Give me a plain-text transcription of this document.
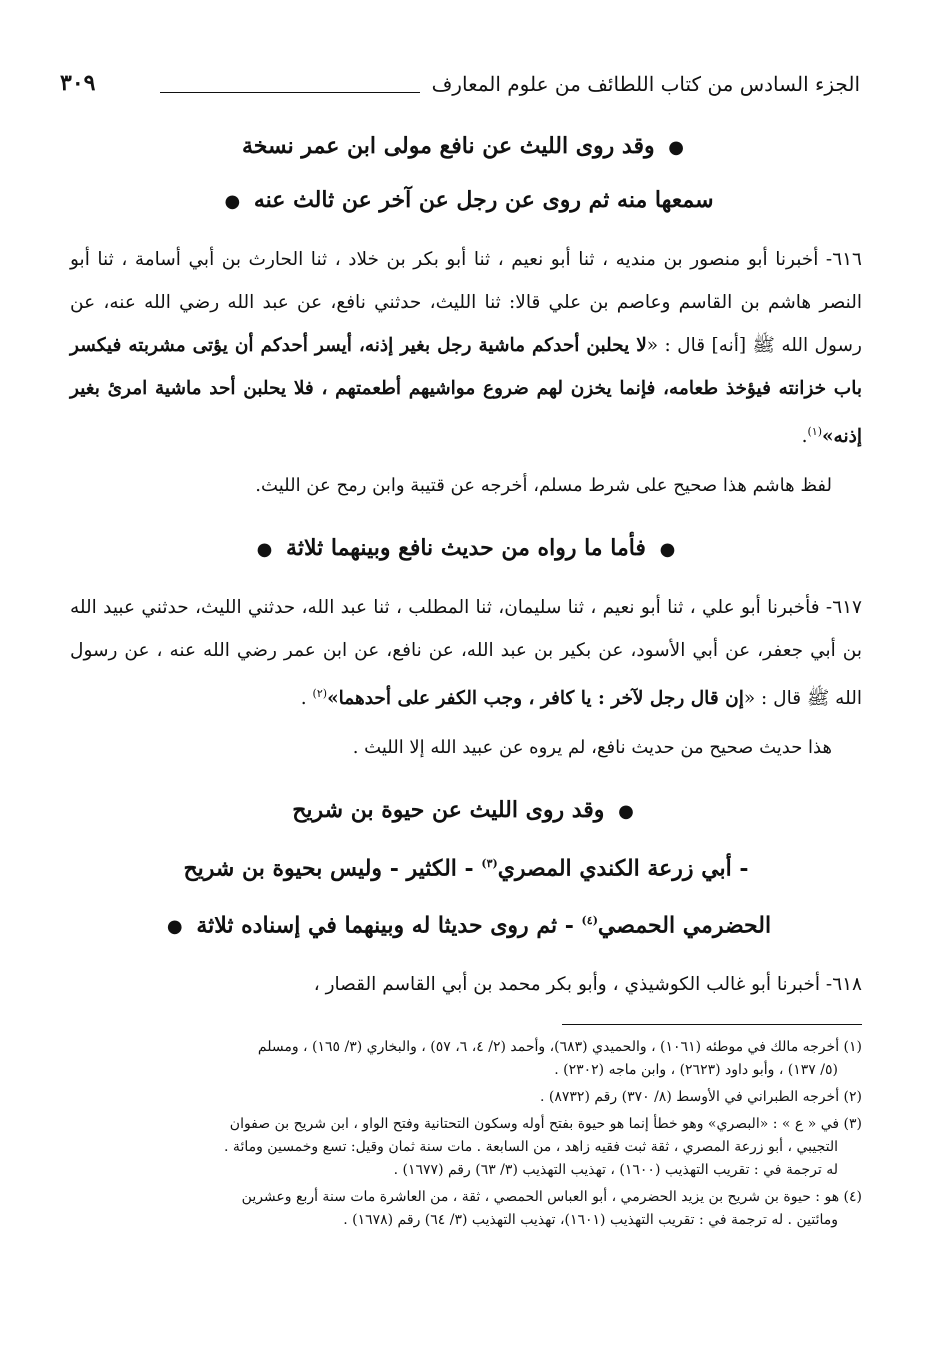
٣٠٩	الجزء السادس من كتاب اللطائف من علوم المعارف

● وقد روى الليث عن نافع مولى ابن عمر نسخة

سمعها منه ثم روى عن رجل عن آخر عن ثالث عنه ●

٦١٦- أخبرنا أبو منصور بن منديه ، ثنا أبو نعيم ، ثنا أبو بكر بن خلاد ، ثنا الحارث بن أبي أسامة ، ثنا أبو النصر هاشم بن القاسم وعاصم بن علي قالا: ثنا الليث، حدثني نافع، عن عبد الله رضي الله عنه، عن رسول الله ﷺ [أنه] قال : «لا يحلبن أحدكم ماشية رجل بغير إذنه، أيسر أحدكم أن يؤتى مشربته فيكسر باب خزانته فيؤخذ طعامه، فإنما يخزن لهم ضروع مواشيهم أطعمتهم ، فلا يحلبن أحد ماشية امرئ بغير إذنه»$^{(١)}$.

لفظ هاشم هذا صحيح على شرط مسلم، أخرجه عن قتيبة وابن رمح عن الليث.

● فأما ما رواه من حديث نافع وبينهما ثلاثة ●

٦١٧- فأخبرنا أبو علي ، ثنا أبو نعيم ، ثنا سليمان، ثنا المطلب ، ثنا عبد الله، حدثني الليث، حدثني عبيد الله بن أبي جعفر، عن أبي الأسود، عن بكير بن عبد الله، عن نافع، عن ابن عمر رضي الله عنه ، عن رسول الله ﷺ قال : «إن قال رجل لآخر : يا كافر ، وجب الكفر على أحدهما»$^{(٢)}$ .

هذا حديث صحيح من حديث نافع، لم يروه عن عبيد الله إلا الليث .

● وقد روى الليث عن حيوة بن شريح

- أبي زرعة الكندي المصري$^{(٣)}$ - الكثير - وليس بحيوة بن شريح

الحضرمي الحمصي$^{(٤)}$ - ثم روى حديثا له وبينهما في إسناده ثلاثة ●

٦١٨- أخبرنا أبو غالب الكوشيذي ، وأبو بكر محمد بن أبي القاسم القصار ،

(١) أخرجه مالك في موطئه (١٠٦١) ، والحميدي (٦٨٣)، وأحمد (٢/ ٤، ٦، ٥٧) ، والبخاري (٣/ ١٦٥) ، ومسلم
(٥/ ١٣٧) ، وأبو داود (٢٦٢٣) ، وابن ماجه (٢٣٠٢) .
(٢) أخرجه الطبراني في الأوسط (٨/ ٣٧٠) رقم (٨٧٣٢) .
(٣) في « ع » : «البصري» وهو خطأ إنما هو حيوة بفتح أوله وسكون التحتانية وفتح الواو ، ابن شريح بن صفوان
التجيبي ، أبو زرعة المصري ، ثقة ثبت فقيه زاهد ، من السابعة . مات سنة ثمان وقيل: تسع وخمسين ومائة .
له ترجمة في : تقريب التهذيب (١٦٠٠) ، تهذيب التهذيب (٣/ ٦٣) رقم (١٦٧٧) .
(٤) هو : حيوة بن شريح بن يزيد الحضرمي ، أبو العباس الحمصي ، ثقة ، من العاشرة مات سنة أربع وعشرين
ومائتين . له ترجمة في : تقريب التهذيب (١٦٠١)، تهذيب التهذيب (٣/ ٦٤) رقم (١٦٧٨) .
